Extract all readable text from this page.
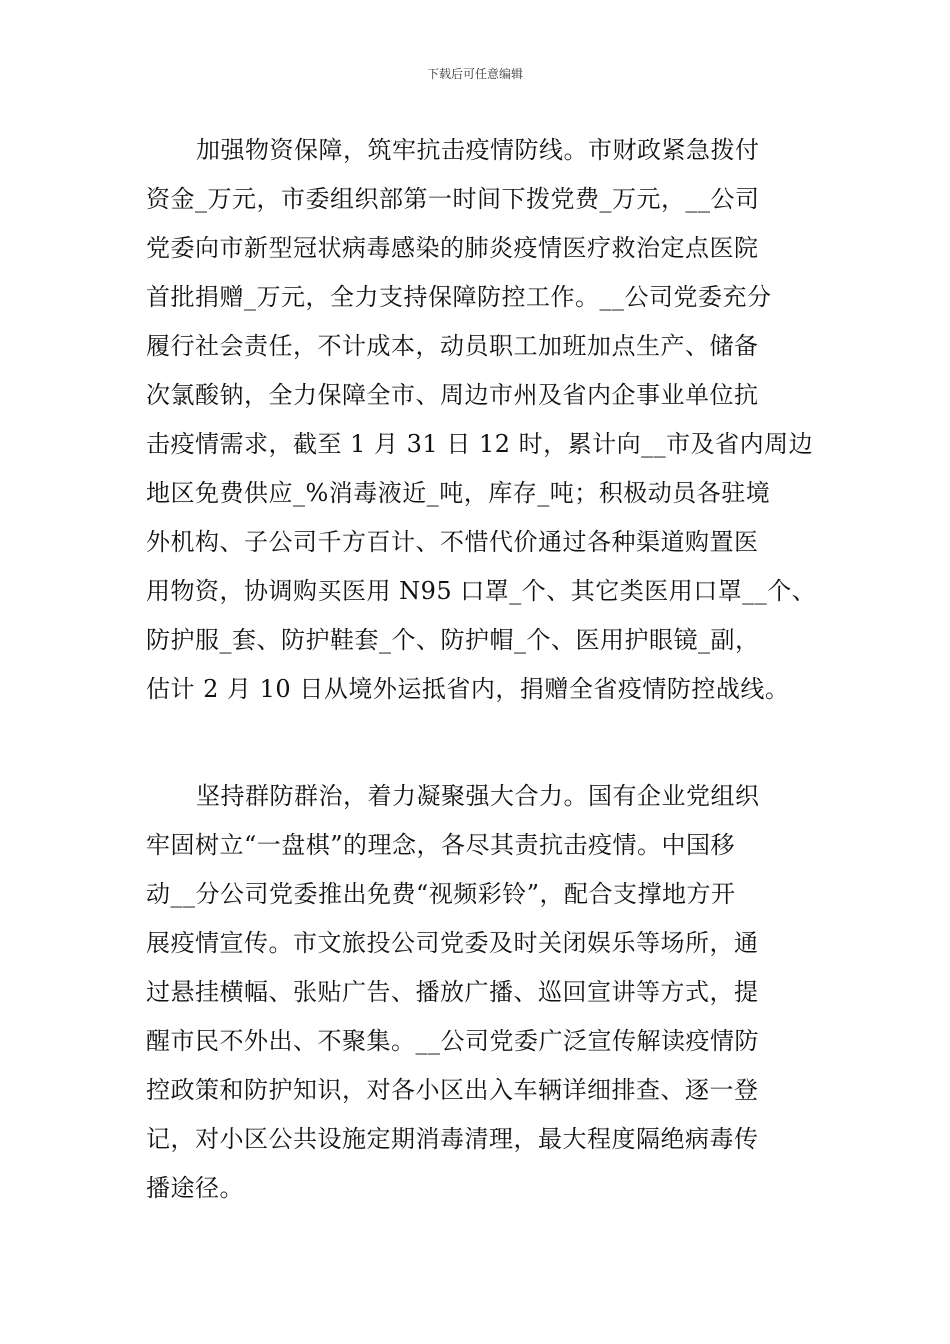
下载后可任意编辑
加强物资保障，筑牢抗击疫情防线。市财政紧急拨付
资金_万元，市委组织部第一时间下拨党费_万元，__公司
党委向市新型冠状病毒感染的肺炎疫情医疗救治定点医院
首批捐赠_万元，全力支持保障防控工作。__公司党委充分
履行社会责任，不计成本，动员职工加班加点生产、储备
次氯酸钠，全力保障全市、周边市州及省内企事业单位抗
击疫情需求，截至 1 月 31 日 12 时，累计向__市及省内周边
地区免费供应_%消毒液近_吨，库存_吨；积极动员各驻境
外机构、子公司千方百计、不惜代价通过各种渠道购置医
用物资，协调购买医用 N95 口罩_个、其它类医用口罩__个、
防护服_套、防护鞋套_个、防护帽_个、医用护眼镜_副，
估计 2 月 10 日从境外运抵省内，捐赠全省疫情防控战线。
坚持群防群治，着力凝聚强大合力。国有企业党组织
牢固树立“一盘棋”的理念，各尽其责抗击疫情。中国移
动__分公司党委推出免费“视频彩铃”，配合支撑地方开
展疫情宣传。市文旅投公司党委及时关闭娱乐等场所，通
过悬挂横幅、张贴广告、播放广播、巡回宣讲等方式，提
醒市民不外出、不聚集。__公司党委广泛宣传解读疫情防
控政策和防护知识，对各小区出入车辆详细排查、逐一登
记，对小区公共设施定期消毒清理，最大程度隔绝病毒传
播途径。
